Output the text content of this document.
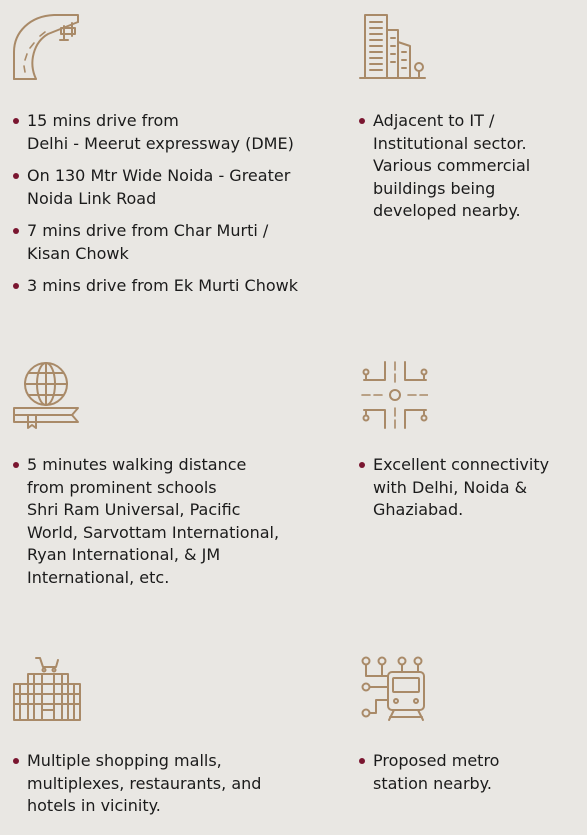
15 mins drive from
Delhi - Meerut expressway (DME)
On 130 Mtr Wide Noida - Greater
Noida Link Road
7 mins drive from Char Murti /
Kisan Chowk
3 mins drive from Ek Murti Chowk
Adjacent to IT /
Institutional sector.
Various commercial
buildings being
developed nearby.
5 minutes walking distance
from prominent schools
Shri Ram Universal, Pacific
World, Sarvottam International,
Ryan International, & JM
International, etc.
Excellent connectivity
with Delhi, Noida &
Ghaziabad.
Multiple shopping malls,
multiplexes, restaurants, and
hotels in vicinity.
Proposed metro
station nearby.
